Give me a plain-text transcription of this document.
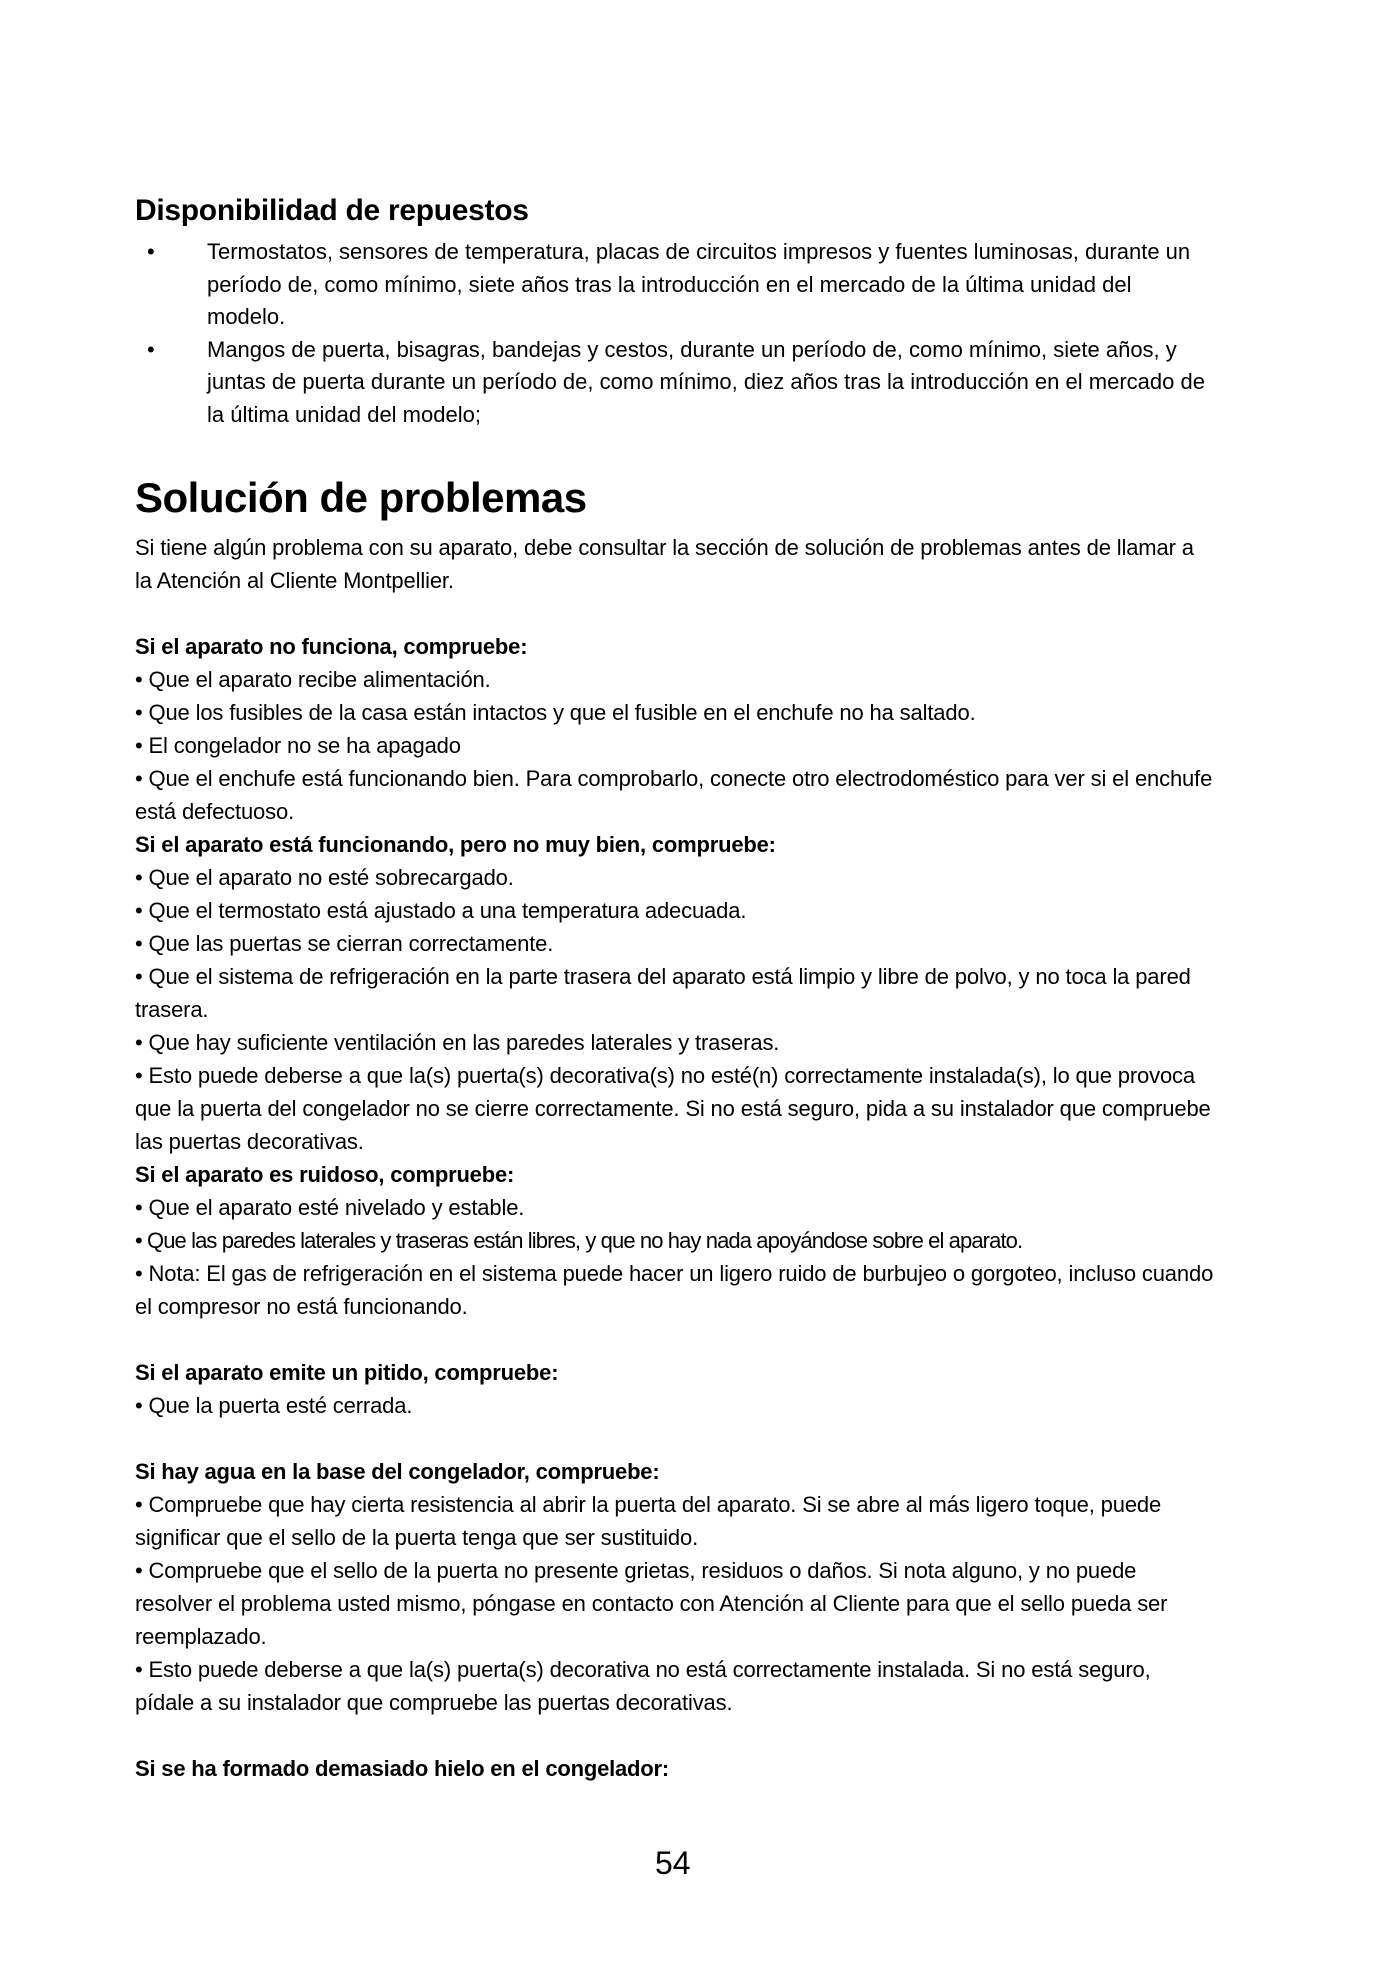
Disponibilidad de repuestos
• Termostatos, sensores de temperatura, placas de circuitos impresos y fuentes luminosas, durante un período de, como mínimo, siete años tras la introducción en el mercado de la última unidad del modelo.
• Mangos de puerta, bisagras, bandejas y cestos, durante un período de, como mínimo, siete años, y juntas de puerta durante un período de, como mínimo, diez años tras la introducción en el mercado de la última unidad del modelo;
Solución de problemas

Si tiene algún problema con su aparato, debe consultar la sección de solución de problemas antes de llamar a la Atención al Cliente Montpellier.

Si el aparato no funciona, compruebe:

• Que el aparato recibe alimentación.

• Que los fusibles de la casa están intactos y que el fusible en el enchufe no ha saltado.

• El congelador no se ha apagado

• Que el enchufe está funcionando bien. Para comprobarlo, conecte otro electrodoméstico para ver si el enchufe está defectuoso.

Si el aparato está funcionando, pero no muy bien, compruebe:

• Que el aparato no esté sobrecargado.

• Que el termostato está ajustado a una temperatura adecuada.

• Que las puertas se cierran correctamente.

• Que el sistema de refrigeración en la parte trasera del aparato está limpio y libre de polvo, y no toca la pared trasera.

• Que hay suficiente ventilación en las paredes laterales y traseras.

• Esto puede deberse a que la(s) puerta(s) decorativa(s) no esté(n) correctamente instalada(s), lo que provoca que la puerta del congelador no se cierre correctamente. Si no está seguro, pida a su instalador que compruebe las puertas decorativas.

Si el aparato es ruidoso, compruebe:

• Que el aparato esté nivelado y estable.

• Que las paredes laterales y traseras están libres, y que no hay nada apoyándose sobre el aparato.

• Nota: El gas de refrigeración en el sistema puede hacer un ligero ruido de burbujeo o gorgoteo, incluso cuando el compresor no está funcionando.

Si el aparato emite un pitido, compruebe:

• Que la puerta esté cerrada.

Si hay agua en la base del congelador, compruebe:

• Compruebe que hay cierta resistencia al abrir la puerta del aparato. Si se abre al más ligero toque, puede significar que el sello de la puerta tenga que ser sustituido.

• Compruebe que el sello de la puerta no presente grietas, residuos o daños. Si nota alguno, y no puede resolver el problema usted mismo, póngase en contacto con Atención al Cliente para que el sello pueda ser reemplazado.

• Esto puede deberse a que la(s) puerta(s) decorativa no está correctamente instalada. Si no está seguro, pídale a su instalador que compruebe las puertas decorativas.

Si se ha formado demasiado hielo en el congelador:

54
